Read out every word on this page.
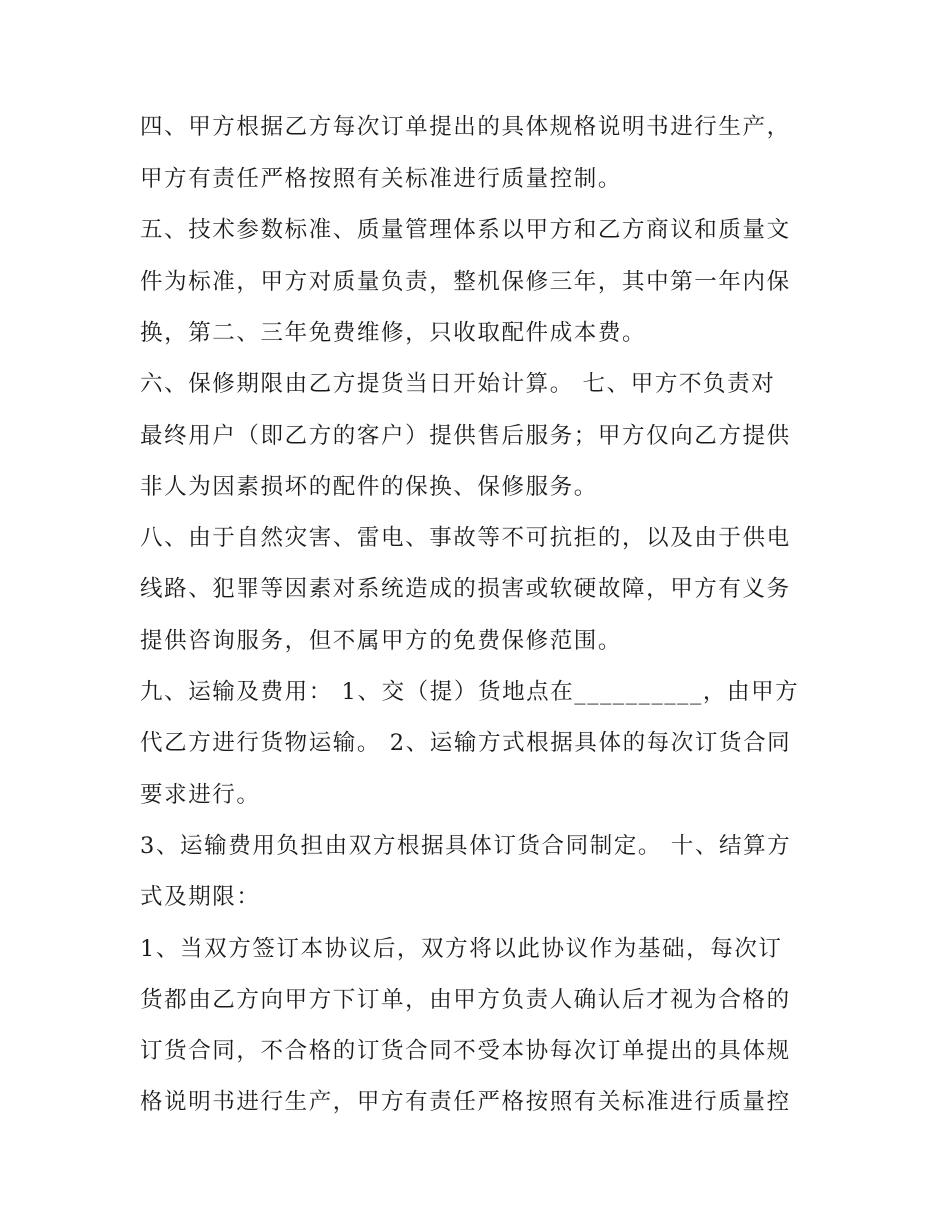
四、甲方根据乙方每次订单提出的具体规格说明书进行生产，
甲方有责任严格按照有关标准进行质量控制。
五、技术参数标准、质量管理体系以甲方和乙方商议和质量文
件为标准，甲方对质量负责，整机保修三年，其中第一年内保
换，第二、三年免费维修，只收取配件成本费。
六、保修期限由乙方提货当日开始计算。 七、甲方不负责对
最终用户（即乙方的客户）提供售后服务；甲方仅向乙方提供
非人为因素损坏的配件的保换、保修服务。
八、由于自然灾害、雷电、事故等不可抗拒的，以及由于供电
线路、犯罪等因素对系统造成的损害或软硬故障，甲方有义务
提供咨询服务，但不属甲方的免费保修范围。
九、运输及费用： 1、交（提）货地点在__________，由甲方
代乙方进行货物运输。 2、运输方式根据具体的每次订货合同
要求进行。
3、运输费用负担由双方根据具体订货合同制定。 十、结算方
式及期限：
1、当双方签订本协议后，双方将以此协议作为基础，每次订
货都由乙方向甲方下订单，由甲方负责人确认后才视为合格的
订货合同，不合格的订货合同不受本协每次订单提出的具体规
格说明书进行生产，甲方有责任严格按照有关标准进行质量控
